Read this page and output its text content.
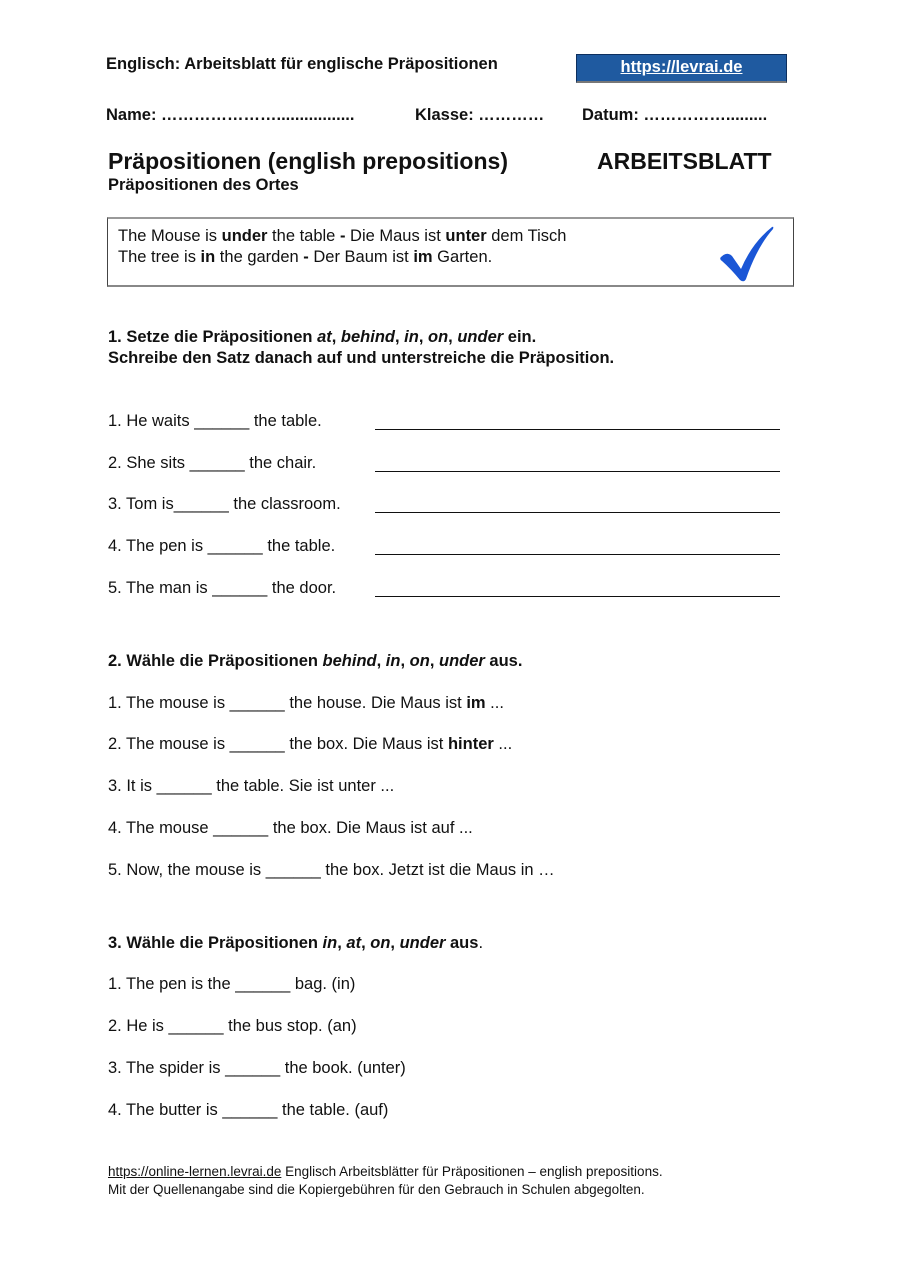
Englisch: Arbeitsblatt für englische Präpositionen	https://levrai.de
Name: ………………….................	Klasse: ………… Datum: …………….........
Präpositionen (english prepositions)	ARBEITSBLATT
Präpositionen des Ortes
The Mouse is under the table - Die Maus ist unter dem Tisch
The tree is in the garden - Der Baum ist im Garten.
1. Setze die Präpositionen at, behind, in, on, under ein.
Schreibe den Satz danach auf und unterstreiche die Präposition.
1. He waits ______ the table.
2. She sits ______ the chair.
3. Tom is______ the classroom.
4. The pen is ______ the table.
5. The man is ______ the door.
2. Wähle die Präpositionen behind, in, on, under aus.
1. The mouse is ______ the house. Die Maus ist im ...
2. The mouse is ______ the box. Die Maus ist hinter ...
3. It is ______ the table. Sie ist unter ...
4. The mouse ______ the box. Die Maus ist auf ...
5. Now, the mouse is ______ the box. Jetzt ist die Maus in …
3. Wähle die Präpositionen in, at, on, under aus.
1. The pen is the ______ bag. (in)
2. He is ______ the bus stop. (an)
3. The spider is ______ the book. (unter)
4. The butter is ______ the table. (auf)
https://online-lernen.levrai.de Englisch Arbeitsblätter für Präpositionen – english prepositions.
Mit der Quellenangabe sind die Kopiergebühren für den Gebrauch in Schulen abgegolten.
